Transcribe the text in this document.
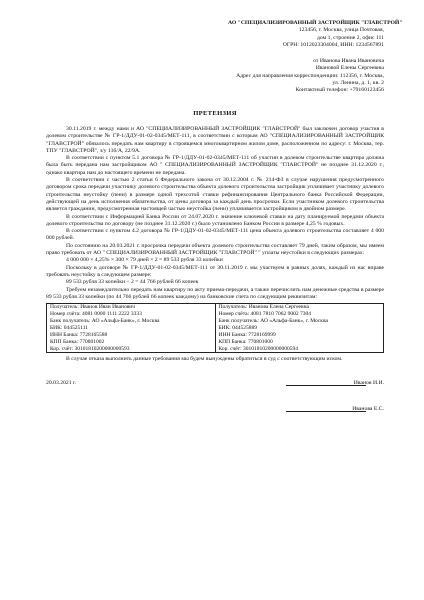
АО "СПЕЦИАЛИЗИРОВАННЫЙ ЗАСТРОЙЩИК "ГЛАВСТРОЙ"
123456, г. Москва, улица Почтовая,
дом 1, строение 2, офис 111
ОГРН: 1012023304004, ИНН: 1234567891
от Иванова Ивана Ивановича
Ивановой Елены Сергеевны
Адрес для направления корреспонденции: 112356, г. Москва,
ул. Ленина, д. 1, кв. 2
Контактный телефон: +79160123456
ПРЕТЕНЗИЯ

30.11.2019 г. между нами и АО "СПЕЦИАЛИЗИРОВАННЫЙ ЗАСТРОЙЩИК "ГЛАВСТРОЙ" был заключен договор участия в долевом строительстве № ГР-1/ДДУ-01-02-0345/МЕТ-111, в соответствии с которым АО "СПЕЦИАЛИЗИРОВАННЫЙ ЗАСТРОЙЩИК "ГЛАВСТРОЙ" обязалось передать нам квартиру в строящемся многоквартирном жилом доме, расположенном по адресу: г. Москва, тер. ТПУ "ГЛАВСТРОЙ", з/у 11б/А, 22/9А.

В соответствии с пунктом 5.1 договора № ГР-1/ДДУ-01-02-0345/МЕТ-111 об участии в долевом строительстве квартира должна была быть передана нам застройщиком АО " СПЕЦИАЛИЗИРОВАННЫЙ ЗАСТРОЙЩИК "ГЛАВСТРОЙ" не позднее 31.12.2020 г., однако квартира нам до настоящего времени не передана.

В соответствии с частью 2 статьи 6 Федерального закона от 30.12.2004 г. № 214-ФЗ в случае нарушения предусмотренного договором срока передачи участнику долевого строительства объекта долевого строительства застройщик уплачивает участнику долевого строительства неустойку (пени) в размере одной трехсотой ставки рефинансирования Центрального банка Российской Федерации, действующей на день исполнения обязательства, от цены договора за каждый день просрочки. Если участником долевого строительства является гражданин, предусмотренная настоящей частью неустойка (пени) уплачивается застройщиком в двойном размере.

В соответствии с Информацией Банка России от 24.07.2020 г. значение ключевой ставки на дату планируемой передачи объекта долевого строительства по договору (не позднее 31.12.2020 г.) было установлено Банком России в размере 4,25 % годовых.

В соответствии с пунктом 4.2 договора № ГР-1/ДДУ-01-02-0345/МЕТ-111 цена объекта долевого строительства составляет 4 000 000 рублей.

По состоянию на 20.03.2021 г. просрочка передачи объекта долевого строительства составляет 79 дней, таким образом, мы имеем право требовать от АО " СПЕЦИАЛИЗИРОВАННЫЙ ЗАСТРОЙЩИК "ГЛАВСТРОЙ" " уплаты неустойки в следующих размерах:

4 000 000 × 4,25% × 300 × 79 дней × 2 = 89 533 рубля 33 копейки

Поскольку в договоре № ГР-1/ДДУ-01-02-0345/МЕТ-111 от 30.11.2019 г. мы участвуем в равных долях, каждый из нас вправе требовать неустойку в следующем размере:

89 533 рубля 33 копейки ÷ 2 = 44 766 рублей 66 копеек

Требуем незамедлительно передать нам квартиру по акту приема-передачи, а также перечислить нам денежные средства в размере 89 533 рубля 33 копейки (по 44 766 рублей 66 копеек каждому) на банковские счета по следующим реквизитам:

Получатель: Иванов Иван Иванович
Номер счёта: 4081 0000 1111 2222 3333
Банк получатель: АО «Альфа-Банк», г. Москва
БИК: 044525111
ИНН Банка: 7728165588
КПП Банка: 770801002
Кор. счёт: 30101810200000000593

Получатель: Иванова Елена Сергеевна
Номер счёта: 4081 7810 7062 9002 7304
Банк получатель: АО «Альфа-Банк», г. Москва
БИК: 044525889
ИНН Банка: 7728169999
КПП Банка: 770801000
Кор. счёт: 30101810200000000594

В случае отказа выполнить данные требования мы будем вынуждены обратиться в суд с соответствующим иском.

20.03.2021 г.	Иванов И.И.
Иванова Е.С.
